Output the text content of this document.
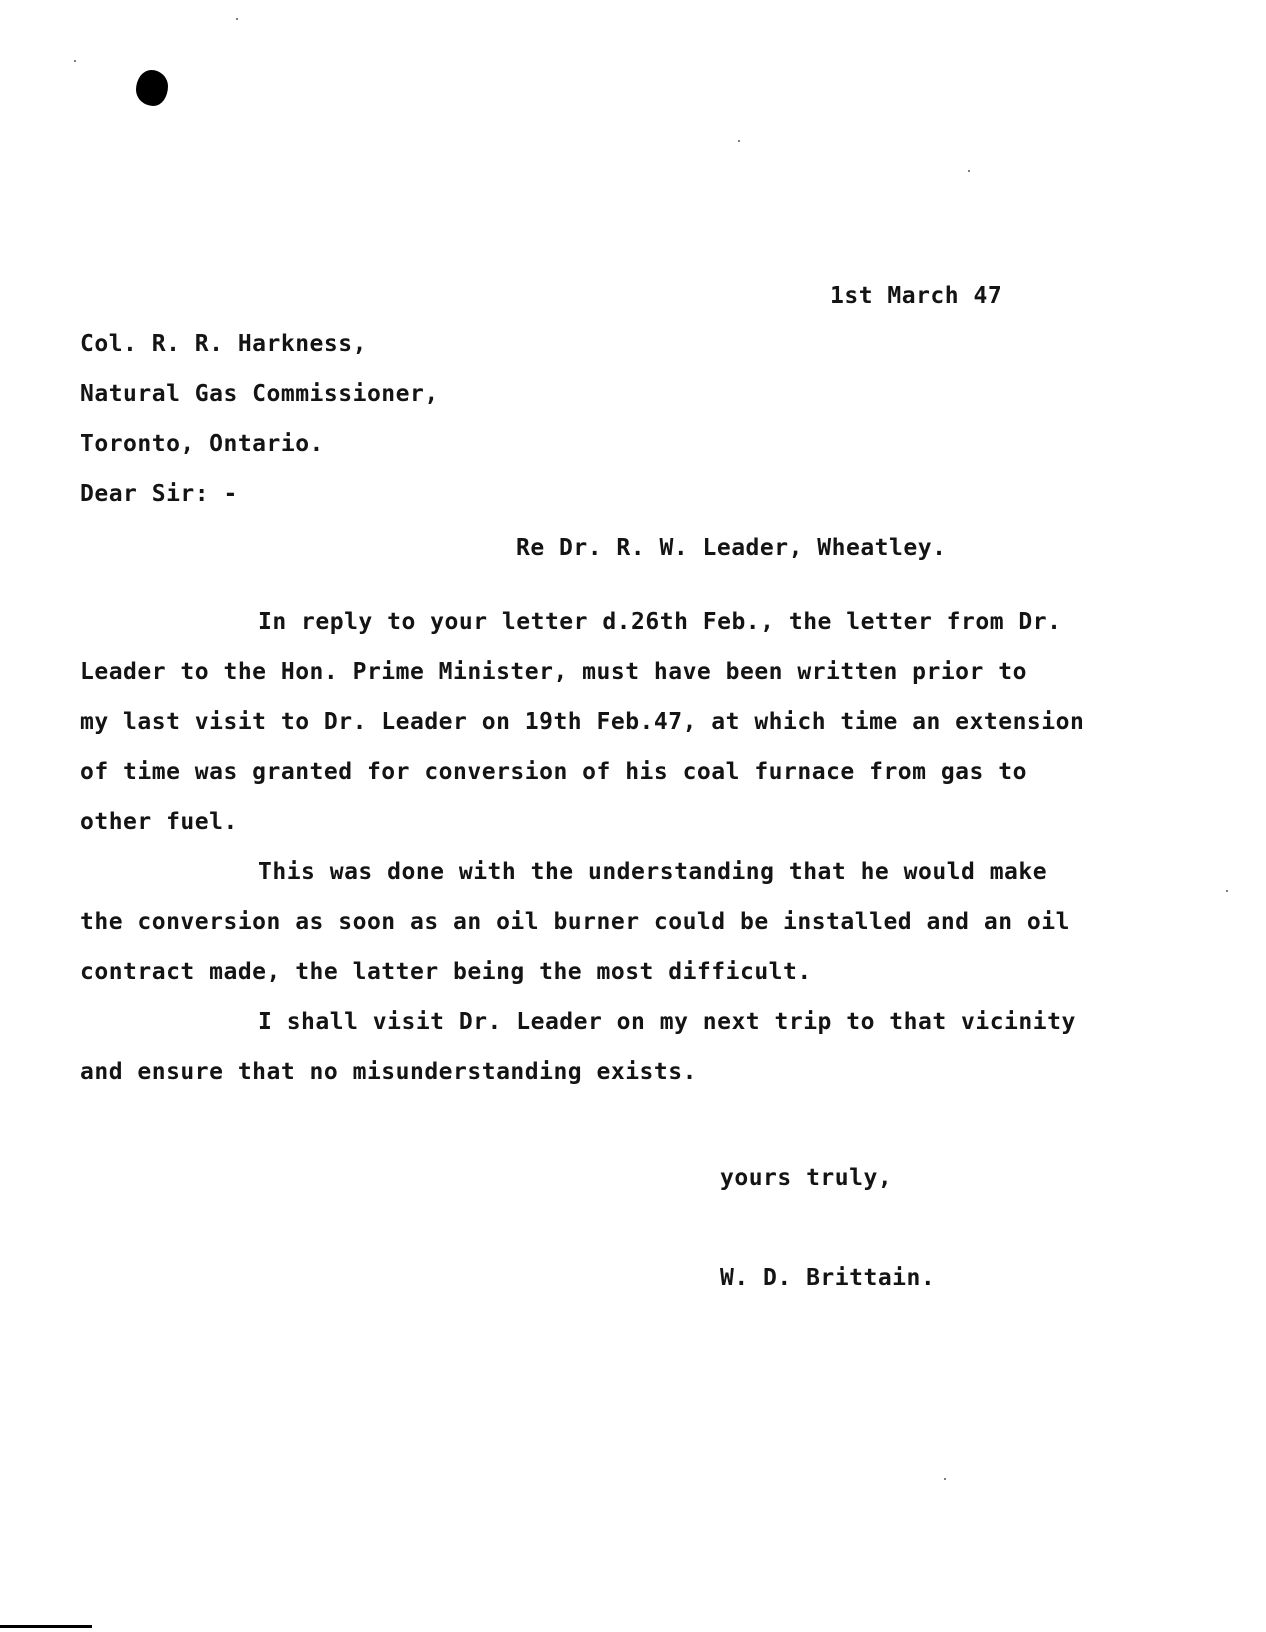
1st March 47
Col. R. R. Harkness,
Natural Gas Commissioner,
Toronto, Ontario.
Dear Sir: -
Re Dr. R. W. Leader, Wheatley.
In reply to your letter d.26th Feb., the letter from Dr.
Leader to the Hon. Prime Minister, must have been written prior to
my last visit to Dr. Leader on 19th Feb.47, at which time an extension
of time was granted for conversion of his coal furnace from gas to
other fuel.
This was done with the understanding that he would make
the conversion as soon as an oil burner could be installed and an oil
contract made, the latter being the most difficult.
I shall visit Dr. Leader on my next trip to that vicinity
and ensure that no misunderstanding exists.
yours truly,
W. D. Brittain.
